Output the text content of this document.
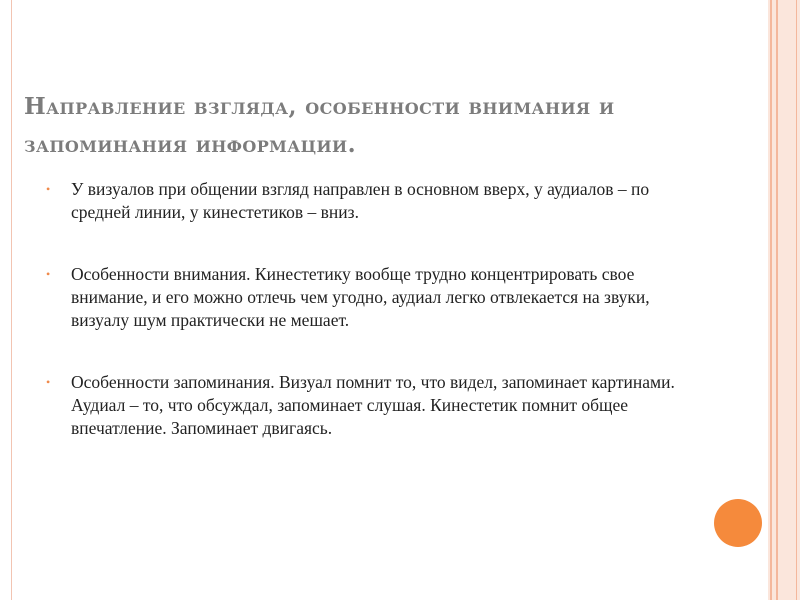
Направление взгляда, особенности внимания и запоминания информации.
• У визуалов при общении взгляд направлен в основном вверх, у аудиалов – по средней линии, у кинестетиков – вниз.
• Особенности внимания. Кинестетику вообще трудно концентрировать свое внимание, и его можно отлечь чем угодно, аудиал легко отвлекается на звуки, визуалу шум практически не мешает.
• Особенности запоминания. Визуал помнит то, что видел, запоминает картинами. Аудиал – то, что обсуждал, запоминает слушая. Кинестетик помнит общее впечатление. Запоминает двигаясь.
